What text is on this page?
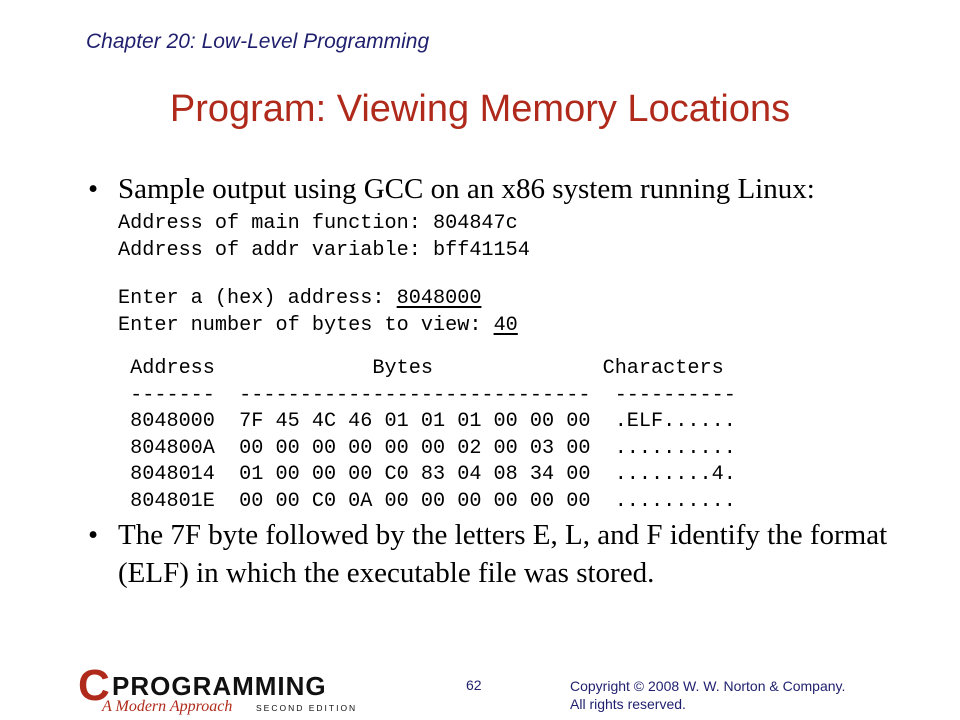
Chapter 20: Low-Level Programming
Program: Viewing Memory Locations
• Sample output using GCC on an x86 system running Linux:
Address of main function: 804847c
Address of addr variable: bff41154
Enter a (hex) address: 8048000
Enter number of bytes to view: 40
Address             Bytes              Characters
-------  -----------------------------  ----------
8048000  7F 45 4C 46 01 01 01 00 00 00  .ELF......
804800A  00 00 00 00 00 00 02 00 03 00  ..........
8048014  01 00 00 00 C0 83 04 08 34 00  ........4.
804801E  00 00 C0 0A 00 00 00 00 00 00  ..........
• The 7F byte followed by the letters E, L, and F identify the format (ELF) in which the executable file was stored.
C PROGRAMMING
A Modern Approach	SECOND EDITION
62	Copyright © 2008 W. W. Norton & Company.
All rights reserved.
